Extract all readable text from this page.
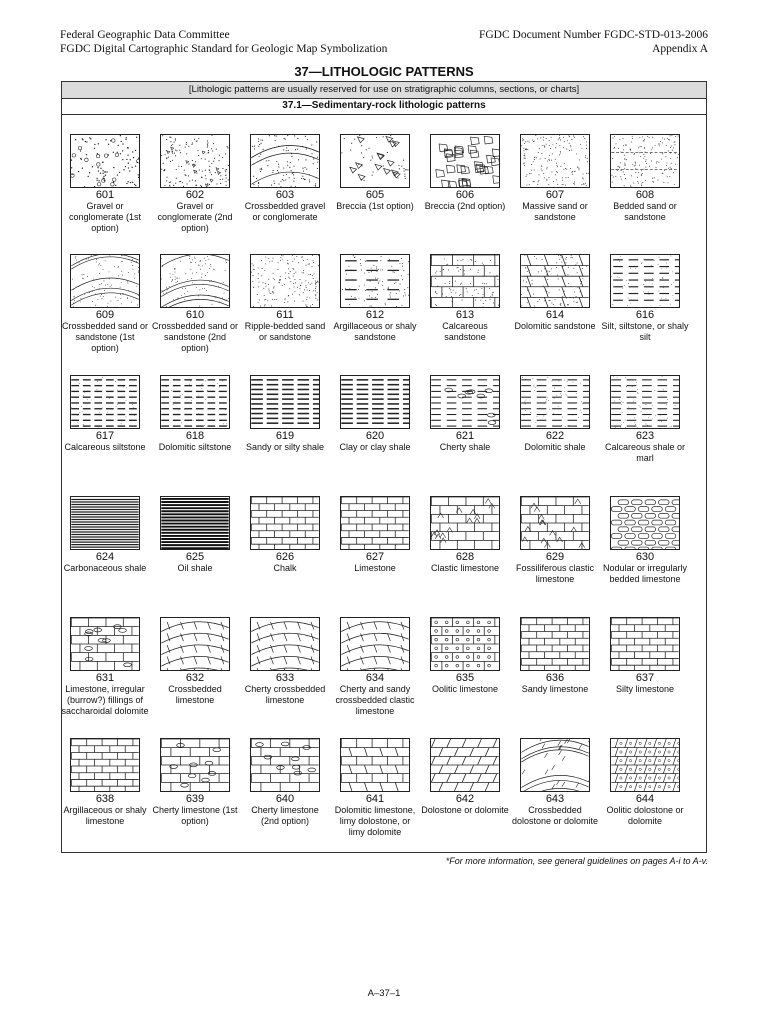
Federal Geographic Data Committee
FGDC Digital Cartographic Standard for Geologic Map Symbolization
FGDC Document Number FGDC-STD-013-2006
Appendix A
37—LITHOLOGIC PATTERNS
[Lithologic patterns are usually reserved for use on stratigraphic columns, sections, or charts]
37.1—Sedimentary-rock lithologic patterns
601
Gravel or conglomerate (1st option)
602
Gravel or conglomerate (2nd option)
603
Crossbedded gravel or conglomerate
605
Breccia (1st option)
606
Breccia (2nd option)
607
Massive sand or sandstone
608
Bedded sand or sandstone
609
Crossbedded sand or sandstone (1st option)
610
Crossbedded sand or sandstone (2nd option)
611
Ripple-bedded sand or sandstone
612
Argillaceous or shaly sandstone
613
Calcareous sandstone
614
Dolomitic sandstone
616
Silt, siltstone, or shaly silt
617
Calcareous siltstone
618
Dolomitic siltstone
619
Sandy or silty shale
620
Clay or clay shale
621
Cherty shale
622
Dolomitic shale
623
Calcareous shale or marl
624
Carbonaceous shale
625
Oil shale
626
Chalk
627
Limestone
628
Clastic limestone
629
Fossiliferous clastic limestone
630
Nodular or irregularly bedded limestone
631
Limestone, irregular (burrow?) fillings of saccharoidal dolomite
632
Crossbedded limestone
633
Cherty crossbedded limestone
634
Cherty and sandy crossbedded clastic limestone
635
Oolitic limestone
636
Sandy limestone
637
Silty limestone
638
Argillaceous or shaly limestone
639
Cherty limestone (1st option)
640
Cherty limestone (2nd option)
641
Dolomitic limestone, limy dolostone, or limy dolomite
642
Dolostone or dolomite
643
Crossbedded dolostone or dolomite
644
Oolitic dolostone or dolomite
*For more information, see general guidelines on pages A-i to A-v.
A–37–1
